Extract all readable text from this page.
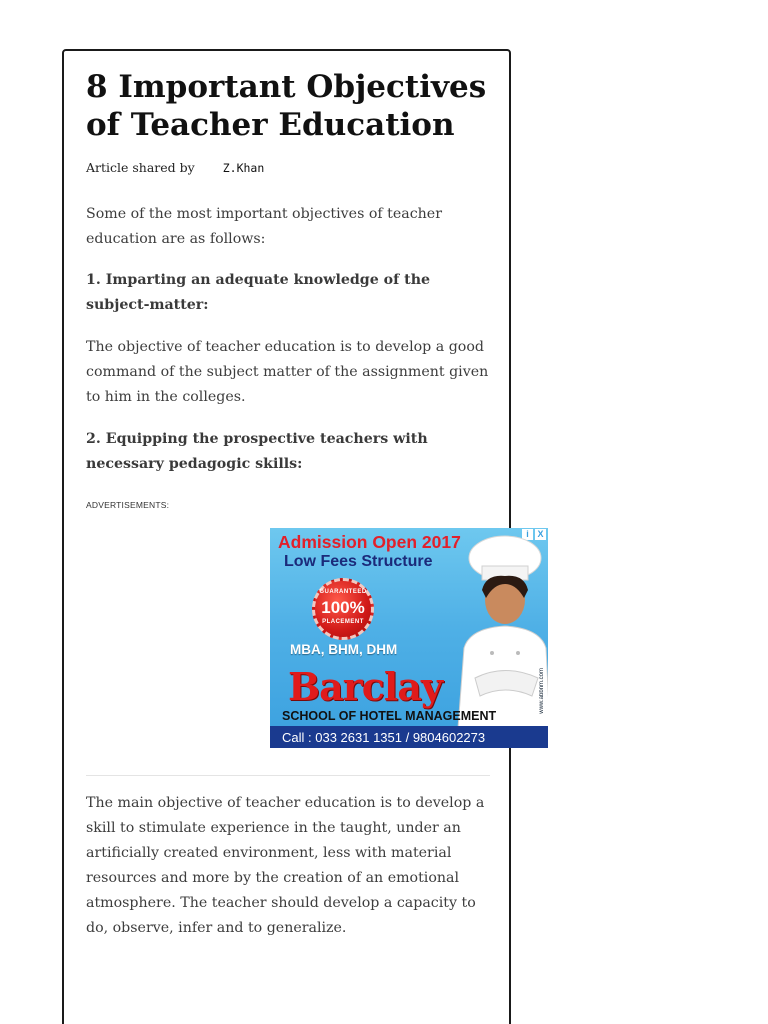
8 Important Objectives of Teacher Education
Article shared by Z.Khan

Some of the most important objectives of teacher education are as follows:

1. Imparting an adequate knowledge of the subject-matter:

The objective of teacher education is to develop a good command of the subject matter of the assignment given to him in the colleges.

2. Equipping the prospective teachers with necessary pedagogic skills:

ADVERTISEMENTS:
i X
Admission Open 2017
Low Fees Structure
GUARANTEED
100%
PLACEMENT
MBA, BHM, DHM
Barclay
SCHOOL OF HOTEL MANAGEMENT
www.abbnm.com
Call : 033 2631 1351 / 9804602273

The main objective of teacher education is to develop a skill to stimulate experience in the taught, under an artificially created environment, less with material resources and more by the creation of an emotional atmosphere. The teacher should develop a capacity to do, observe, infer and to generalize.
